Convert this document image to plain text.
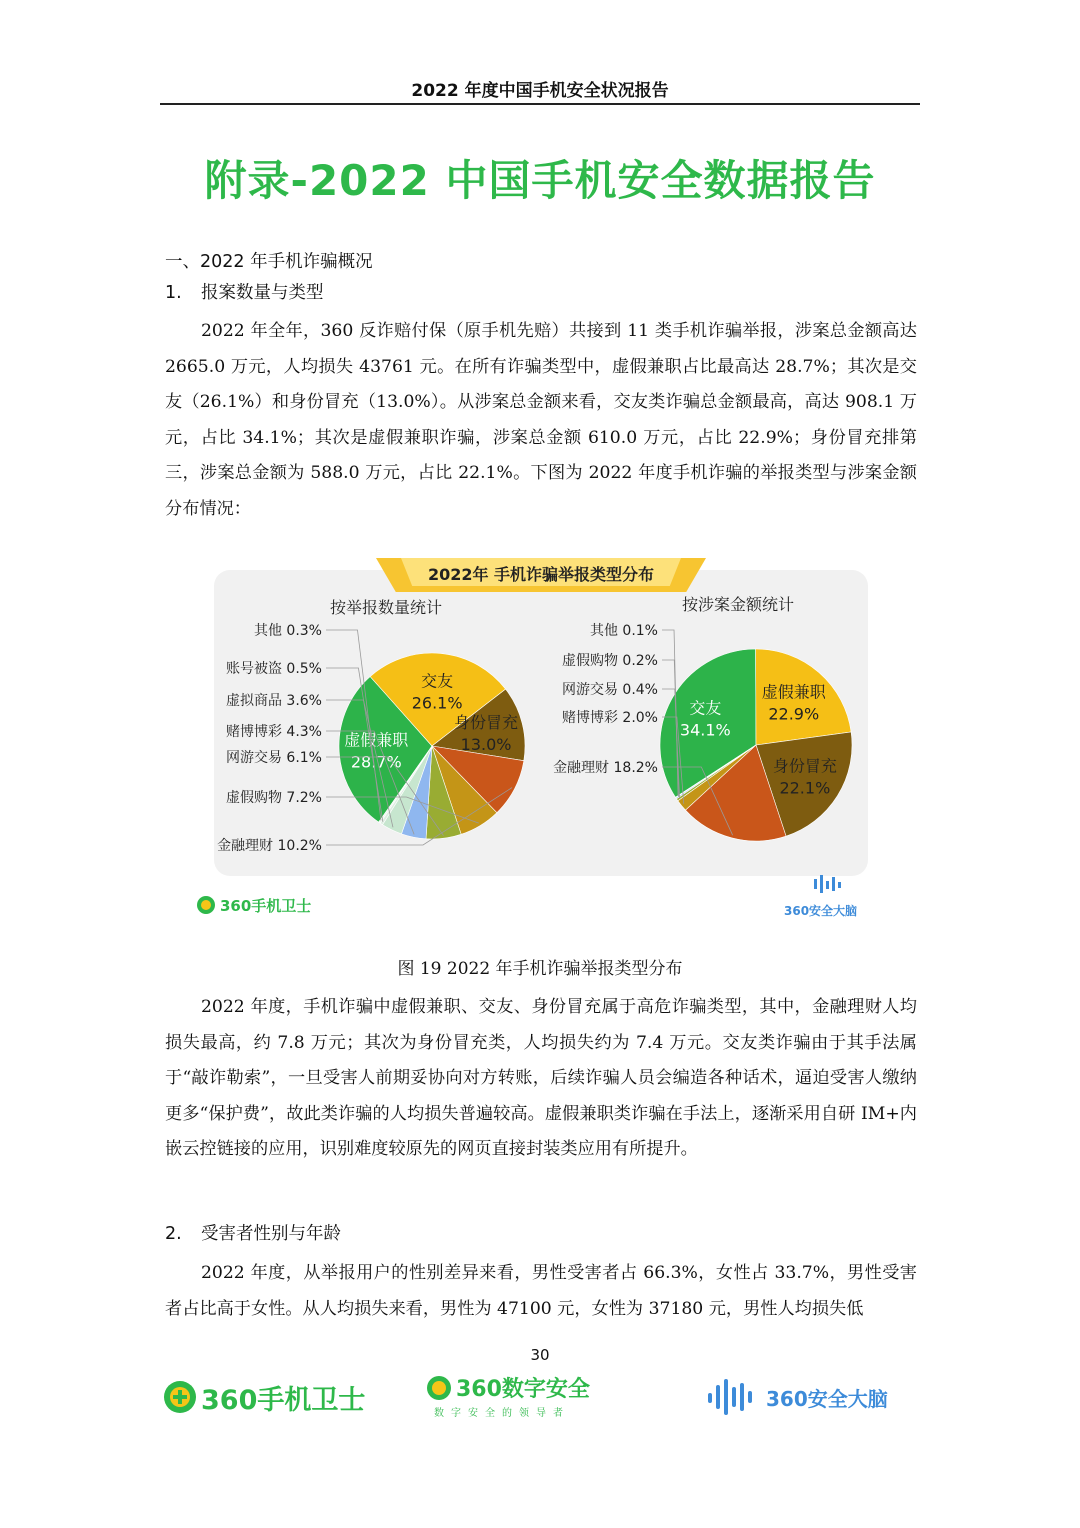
2022 年度中国手机安全状况报告
附录-2022 中国手机安全数据报告
一、2022 年手机诈骗概况
1. 报案数量与类型
2022 年全年，360 反诈赔付保（原手机先赔）共接到 11 类手机诈骗举报，涉案总金额高达 2665.0 万元，人均损失 43761 元。在所有诈骗类型中，虚假兼职占比最高达 28.7%；其次是交友（26.1%）和身份冒充（13.0%）。从涉案总金额来看，交友类诈骗总金额最高，高达 908.1 万元，占比 34.1%；其次是虚假兼职诈骗，涉案总金额 610.0 万元，占比 22.9%；身份冒充排第三，涉案总金额为 588.0 万元，占比 22.1%。下图为 2022 年度手机诈骗的举报类型与涉案金额分布情况：
2022年 手机诈骗举报类型分布
按举报数量统计	按涉案金额统计
虚假兼职
28.7%
交友
26.1%
身份冒充
13.0%
其他 0.3%
账号被盗 0.5%
虚拟商品 3.6%
赌博博彩 4.3%
网游交易 6.1%
虚假购物 7.2%
金融理财 10.2%
交友
34.1%
虚假兼职
22.9%
身份冒充
22.1%
其他 0.1%
虚假购物 0.2%
网游交易 0.4%
赌博博彩 2.0%
金融理财 18.2%
360手机卫士	360安全大脑
图 19 2022 年手机诈骗举报类型分布
2022 年度，手机诈骗中虚假兼职、交友、身份冒充属于高危诈骗类型，其中，金融理财人均损失最高，约 7.8 万元；其次为身份冒充类，人均损失约为 7.4 万元。交友类诈骗由于其手法属于“敲诈勒索”，一旦受害人前期妥协向对方转账，后续诈骗人员会编造各种话术，逼迫受害人缴纳更多“保护费”，故此类诈骗的人均损失普遍较高。虚假兼职类诈骗在手法上，逐渐采用自研 IM+内嵌云控链接的应用，识别难度较原先的网页直接封装类应用有所提升。
2. 受害者性别与年龄
2022 年度，从举报用户的性别差异来看，男性受害者占 66.3%，女性占 33.7%，男性受害者占比高于女性。从人均损失来看，男性为 47100 元，女性为 37180 元，男性人均损失低
30
360手机卫士	360数字安全
数字安全的领导者
360安全大脑
